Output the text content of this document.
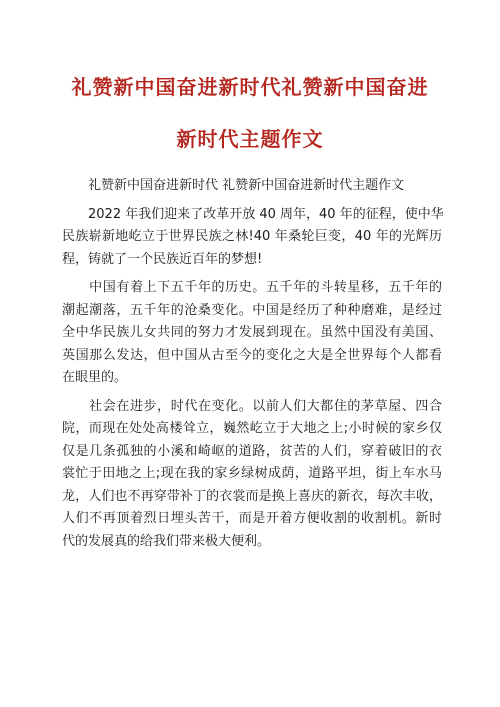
礼赞新中国奋进新时代礼赞新中国奋进
新时代主题作文
　　礼赞新中国奋进新时代 礼赞新中国奋进新时代主题作文
　　2022 年我们迎来了改革开放 40 周年，40 年的征程，使中华
民族崭新地屹立于世界民族之林!40 年桑轮巨变，40 年的光辉历
程，铸就了一个民族近百年的梦想!
　　中国有着上下五千年的历史。五千年的斗转星移，五千年的
潮起潮落，五千年的沧桑变化。中国是经历了种种磨难，是经过
全中华民族儿女共同的努力才发展到现在。虽然中国没有美国、
英国那么发达，但中国从古至今的变化之大是全世界每个人都看
在眼里的。
　　社会在进步，时代在变化。以前人们大都住的茅草屋、四合
院，而现在处处高楼耸立，巍然屹立于大地之上;小时候的家乡仅
仅是几条孤独的小溪和崎岖的道路，贫苦的人们，穿着破旧的衣
裳忙于田地之上;现在我的家乡绿树成荫，道路平坦，街上车水马
龙，人们也不再穿带补丁的衣裳而是换上喜庆的新衣，每次丰收，
人们不再顶着烈日埋头苦干，而是开着方便收割的收割机。新时
代的发展真的给我们带来极大便利。
